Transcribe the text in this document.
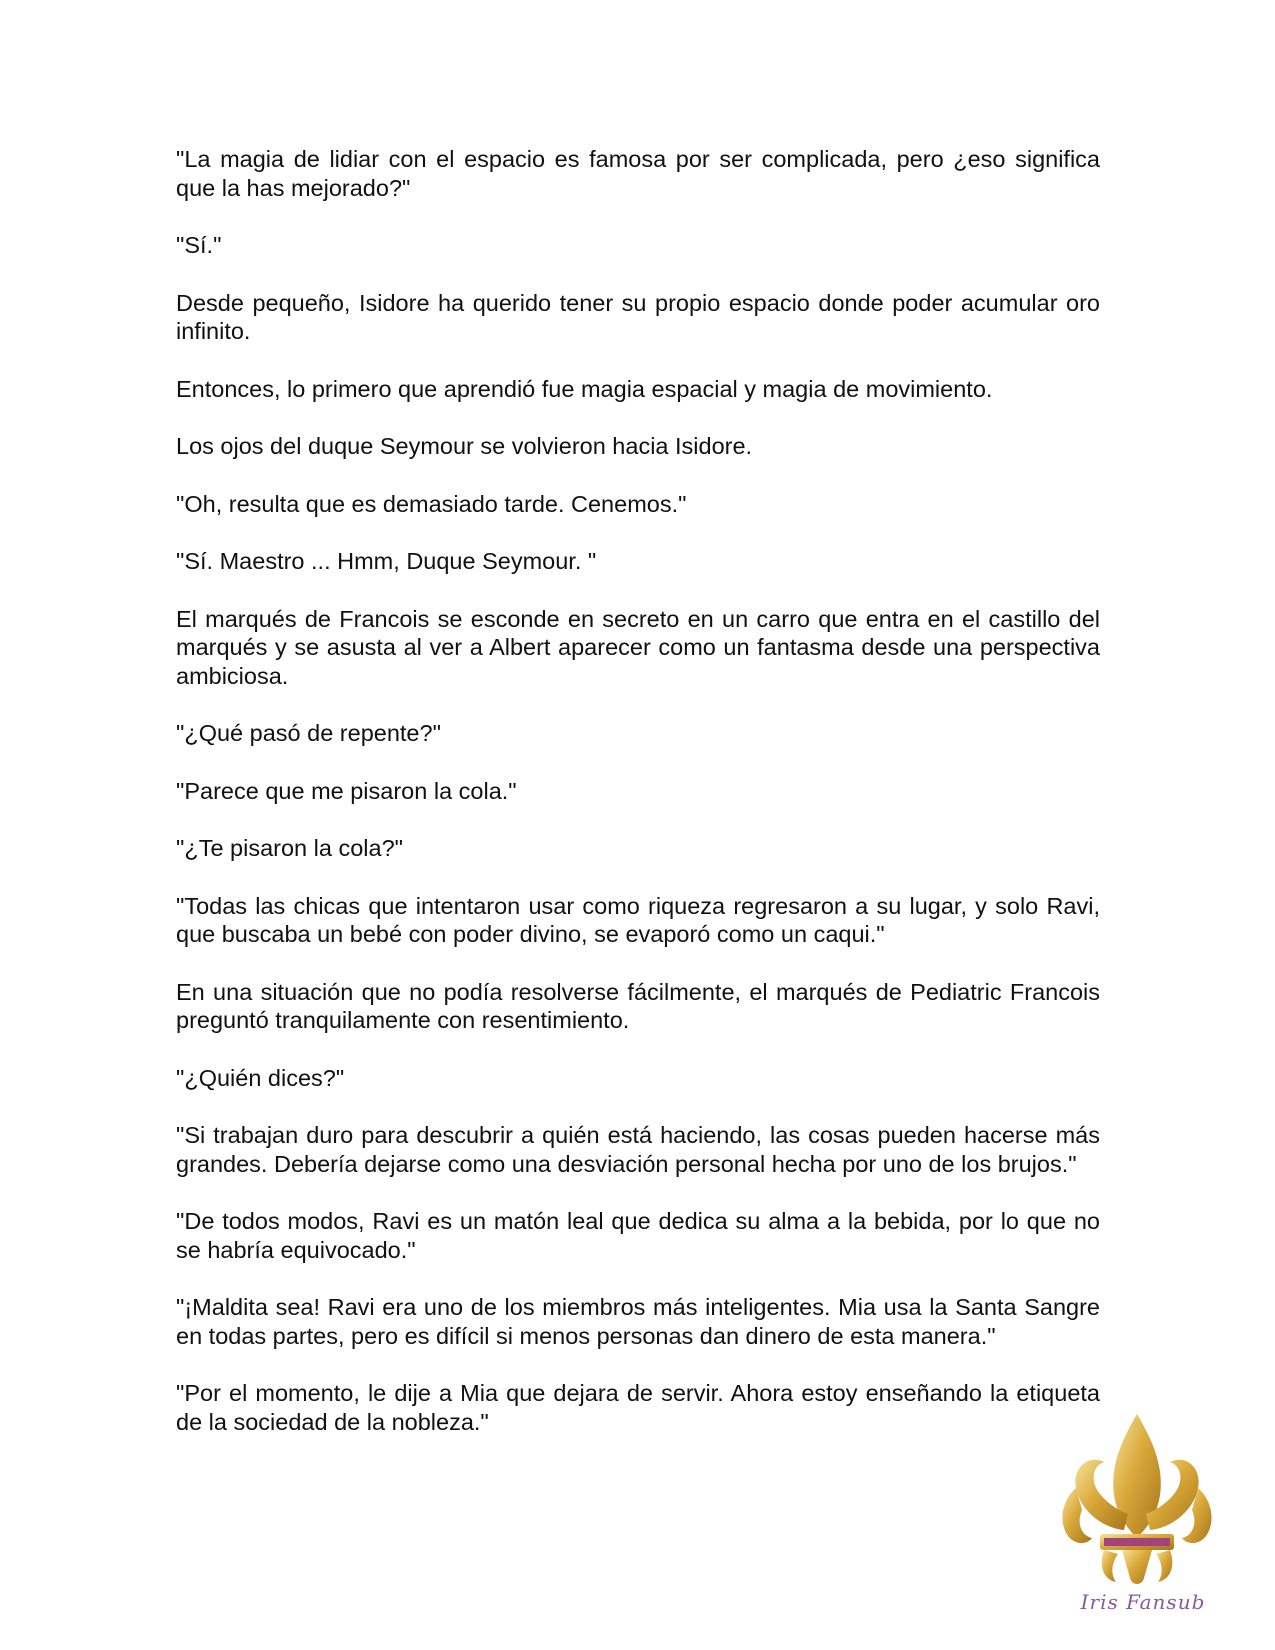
"La magia de lidiar con el espacio es famosa por ser complicada, pero ¿eso significa que la has mejorado?"

"Sí."

Desde pequeño, Isidore ha querido tener su propio espacio donde poder acumular oro infinito.

Entonces, lo primero que aprendió fue magia espacial y magia de movimiento.

Los ojos del duque Seymour se volvieron hacia Isidore.

"Oh, resulta que es demasiado tarde. Cenemos."

"Sí. Maestro ... Hmm, Duque Seymour. "

El marqués de Francois se esconde en secreto en un carro que entra en el castillo del marqués y se asusta al ver a Albert aparecer como un fantasma desde una perspectiva ambiciosa.

"¿Qué pasó de repente?"

"Parece que me pisaron la cola."

"¿Te pisaron la cola?"

"Todas las chicas que intentaron usar como riqueza regresaron a su lugar, y solo Ravi, que buscaba un bebé con poder divino, se evaporó como un caqui."

En una situación que no podía resolverse fácilmente, el marqués de Pediatric Francois preguntó tranquilamente con resentimiento.

"¿Quién dices?"

"Si trabajan duro para descubrir a quién está haciendo, las cosas pueden hacerse más grandes. Debería dejarse como una desviación personal hecha por uno de los brujos."

"De todos modos, Ravi es un matón leal que dedica su alma a la bebida, por lo que no se habría equivocado."

"¡Maldita sea! Ravi era uno de los miembros más inteligentes. Mia usa la Santa Sangre en todas partes, pero es difícil si menos personas dan dinero de esta manera."

"Por el momento, le dije a Mia que dejara de servir. Ahora estoy enseñando la etiqueta de la sociedad de la nobleza."

Iris Fansub
